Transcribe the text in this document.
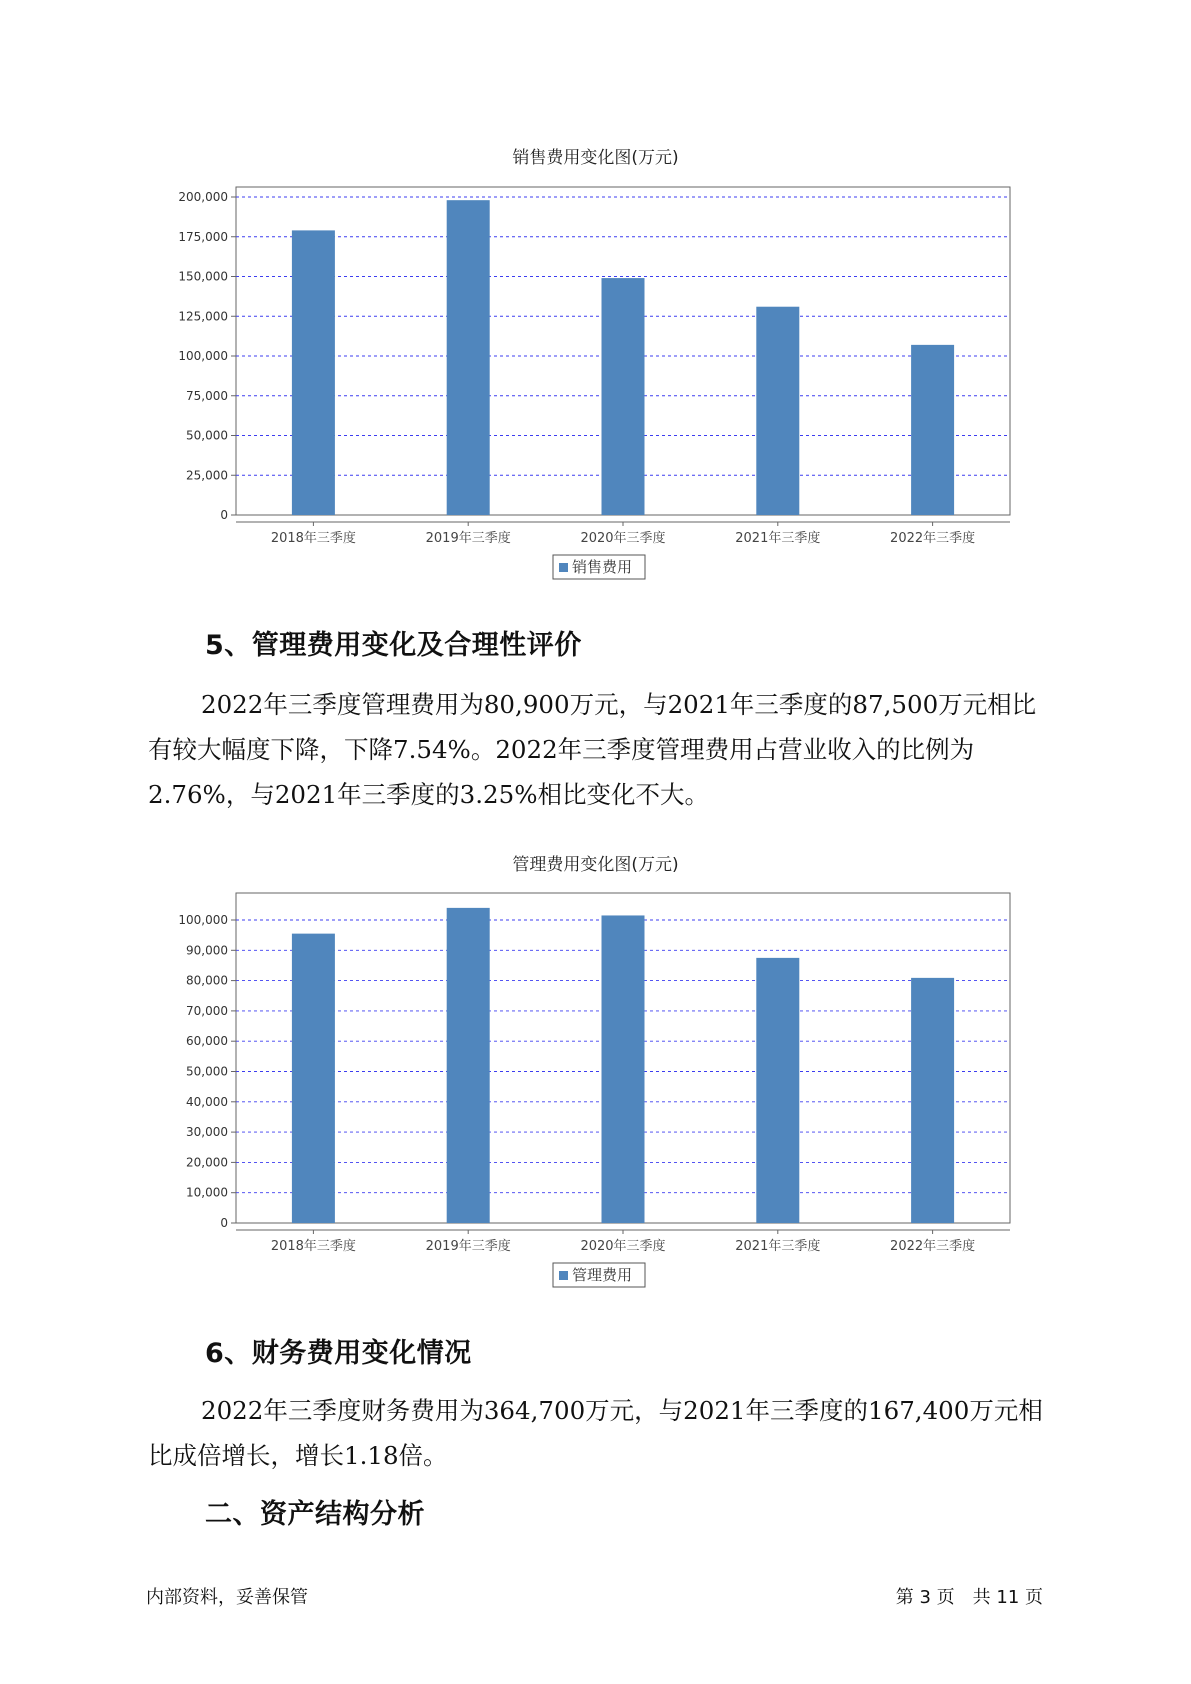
销售费用变化图(万元)
0
25,000
50,000
75,000
100,000
125,000
150,000
175,000
200,000
2018年三季度	2019年三季度	2020年三季度	2021年三季度	2022年三季度
销售费用
5、管理费用变化及合理性评价

2022年三季度管理费用为80,900万元，与2021年三季度的87,500万元相比有较大幅度下降，下降7.54%。2022年三季度管理费用占营业收入的比例为2.76%，与2021年三季度的3.25%相比变化不大。

管理费用变化图(万元)
0
10,000
20,000
30,000
40,000
50,000
60,000
70,000
80,000
90,000
100,000
2018年三季度	2019年三季度	2020年三季度	2021年三季度	2022年三季度
管理费用
6、财务费用变化情况

2022年三季度财务费用为364,700万元，与2021年三季度的167,400万元相比成倍增长，增长1.18倍。

二、资产结构分析
内部资料，妥善保管	第 3 页　共 11 页
